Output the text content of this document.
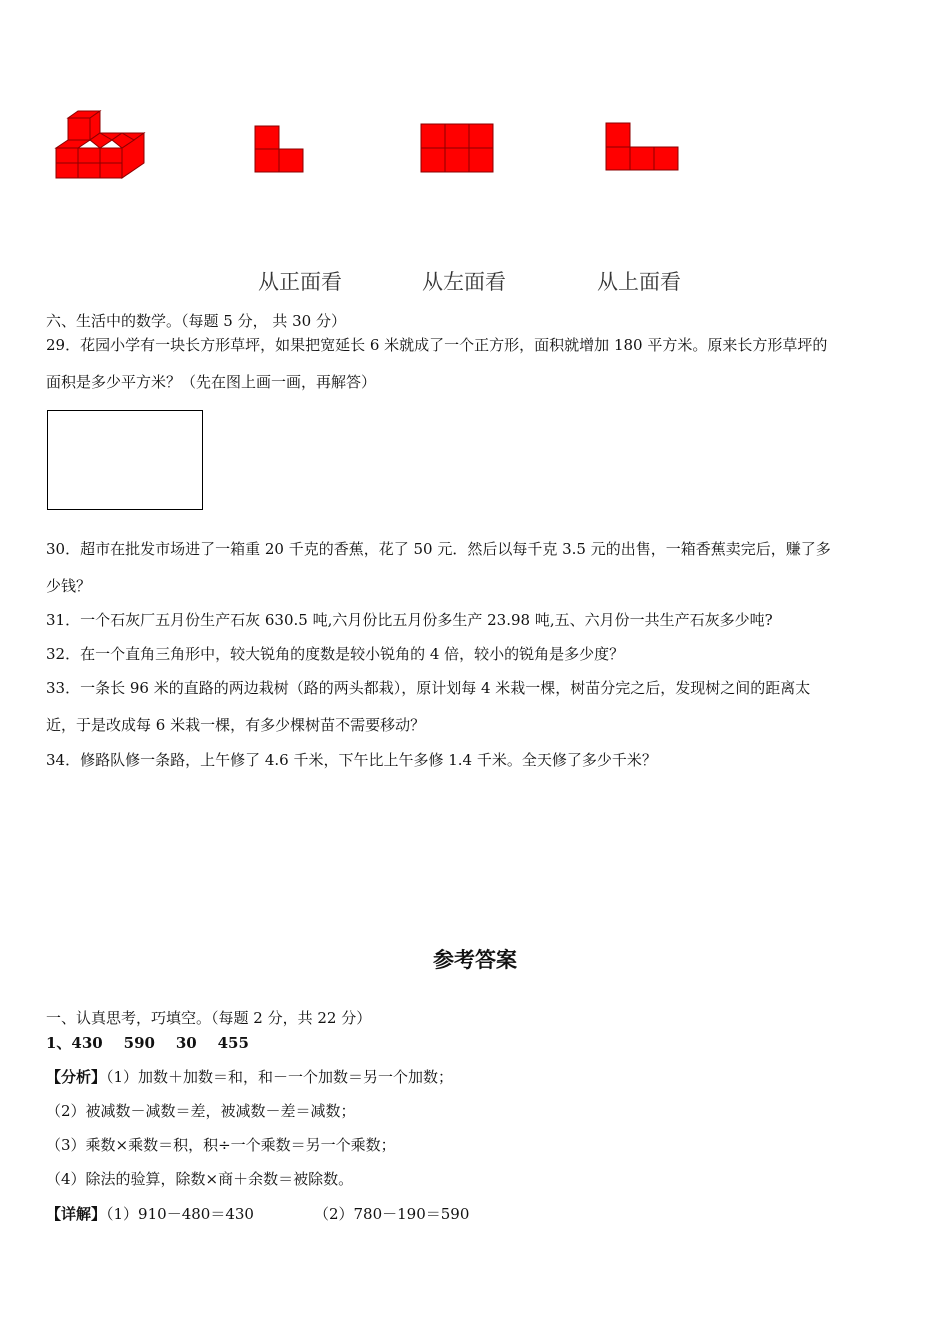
从正面看	从左面看	从上面看
六、生活中的数学。（每题 5 分， 共 30 分）
29．花园小学有一块长方形草坪，如果把宽延长 6 米就成了一个正方形，面积就增加 180 平方米。原来长方形草坪的
面积是多少平方米？（先在图上画一画，再解答）
30．超市在批发市场进了一箱重 20 千克的香蕉，花了 50 元．然后以每千克 3.5 元的出售，一箱香蕉卖完后，赚了多
少钱？
31．一个石灰厂五月份生产石灰 630.5 吨,六月份比五月份多生产 23.98 吨,五、六月份一共生产石灰多少吨?
32．在一个直角三角形中，较大锐角的度数是较小锐角的 4 倍，较小的锐角是多少度？
33．一条长 96 米的直路的两边栽树（路的两头都栽），原计划每 4 米栽一棵，树苗分完之后，发现树之间的距离太
近，于是改成每 6 米栽一棵，有多少棵树苗不需要移动？
34．修路队修一条路，上午修了 4.6 千米，下午比上午多修 1.4 千米。全天修了多少千米？
参考答案
一、认真思考，巧填空。（每题 2 分，共 22 分）
1、430    590    30    455
【分析】（1）加数＋加数＝和，和－一个加数＝另一个加数；
（2）被减数－减数＝差，被减数－差＝减数；
（3）乘数×乘数＝积，积÷一个乘数＝另一个乘数；
（4）除法的验算，除数×商＋余数＝被除数。
【详解】（1）910－480＝430	（2）780－190＝590
